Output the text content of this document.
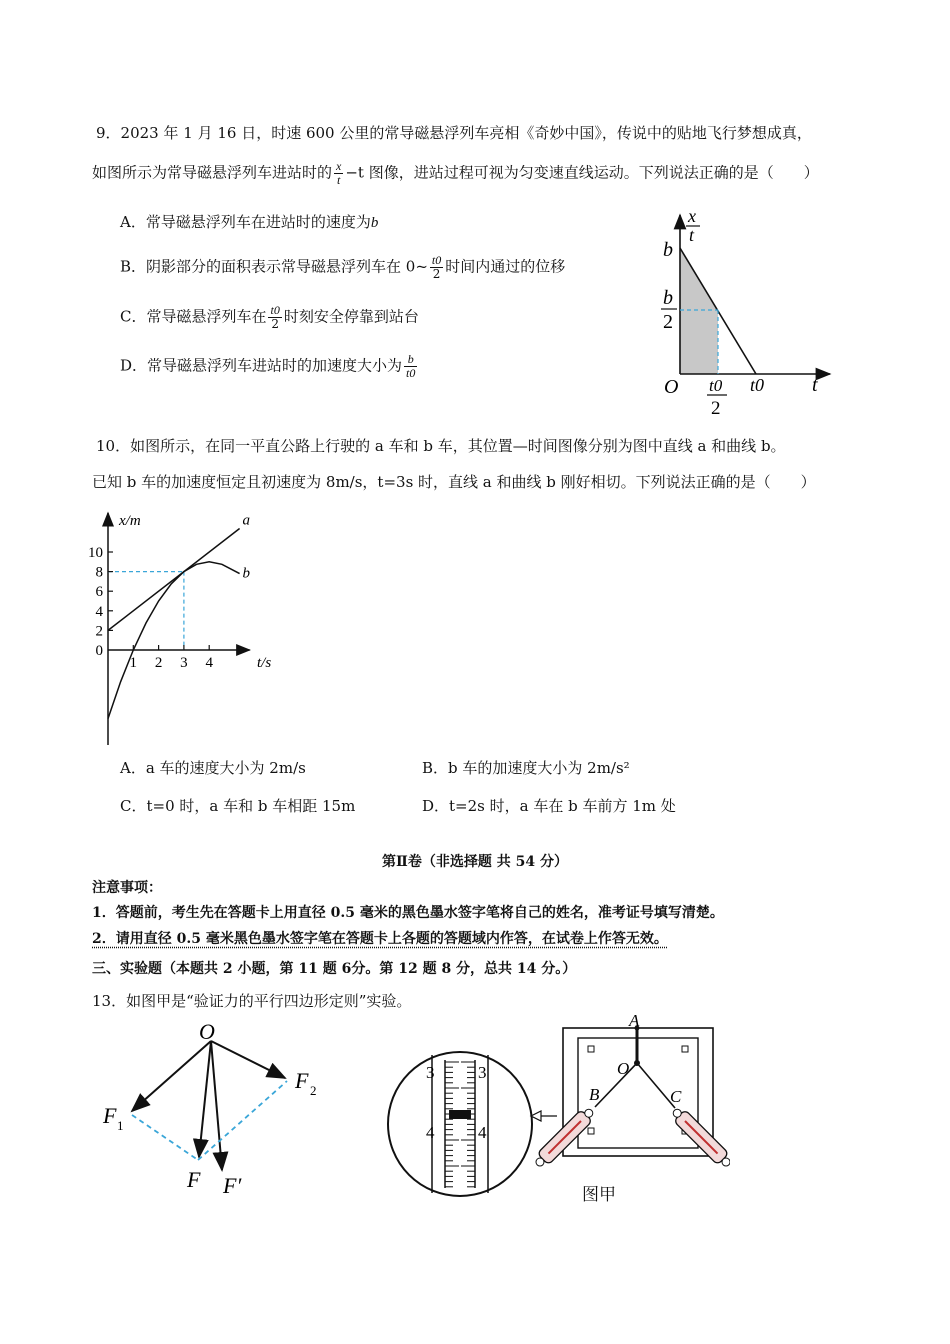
9．2023 年 1 月 16 日，时速 600 公里的常导磁悬浮列车亮相《奇妙中国》，传说中的贴地飞行梦想成真，
如图所示为常导磁悬浮列车进站时的 $\frac{x}{t} -t$ 图像，进站过程可视为匀变速直线运动。下列说法正确的是（　　）
A．常导磁悬浮列车在进站时的速度为b
B．阴影部分的面积表示常导磁悬浮列车在 0~ $\frac{t0}{2}$ 时间内通过的位移
C．常导磁悬浮列车在 $\frac{t0}{2}$ 时刻安全停靠到站台
D．常导磁悬浮列车进站时的加速度大小为 $\frac{b}{t0}$
x
t
b
b
2
O t0
2
t0 t
10．如图所示，在同一平直公路上行驶的 a 车和 b 车，其位置—时间图像分别为图中直线 a 和曲线 b。
已知 b 车的加速度恒定且初速度为 8m/s，t=3s 时，直线 a 和曲线 b 刚好相切。下列说法正确的是（　　）
a
b
0
2
4
6
8
10
1 2 3 4
x/m
t/s
A．a 车的速度大小为 2m/s	B．b 车的加速度大小为 2m/s²
C．t=0 时，a 车和 b 车相距 15m	D．t=2s 时，a 车在 b 车前方 1m 处
第Ⅱ卷（非选择题 共 54 分）
注意事项：
1．答题前，考生先在答题卡上用直径 0.5 毫米的黑色墨水签字笔将自己的姓名，准考证号填写清楚。
2．请用直径 0.5 毫米黑色墨水签字笔在答题卡上各题的答题域内作答，在试卷上作答无效。
三、实验题（本题共 2 小题，第 11 题 6分。第 12 题 8 分，总共 14 分。）
13．如图甲是“验证力的平行四边形定则”实验。
O
F 1
F 2
F F′
3	3
4	4
A
O
B	C
图甲
